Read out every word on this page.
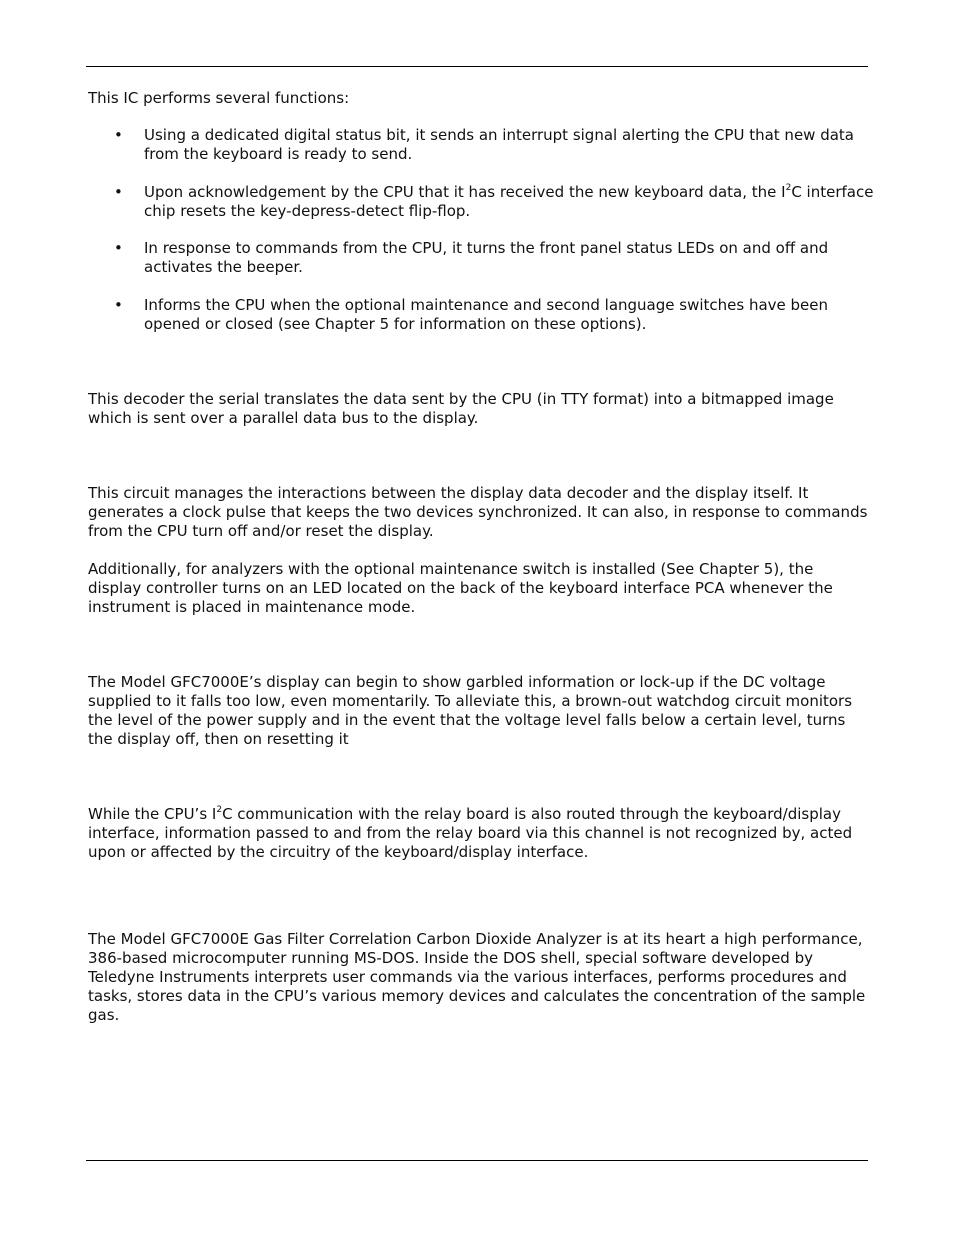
This IC performs several functions:

• Using a dedicated digital status bit, it sends an interrupt signal alerting the CPU that new data from the keyboard is ready to send.

• Upon acknowledgement by the CPU that it has received the new keyboard data, the $I^2C$ interface chip resets the key-depress-detect flip-flop.

• In response to commands from the CPU, it turns the front panel status LEDs on and off and activates the beeper.

• Informs the CPU when the optional maintenance and second language switches have been opened or closed (see Chapter 5 for information on these options).

This decoder the serial translates the data sent by the CPU (in TTY format) into a bitmapped image which is sent over a parallel data bus to the display.

This circuit manages the interactions between the display data decoder and the display itself. It generates a clock pulse that keeps the two devices synchronized. It can also, in response to commands from the CPU turn off and/or reset the display.

Additionally, for analyzers with the optional maintenance switch is installed (See Chapter 5), the display controller turns on an LED located on the back of the keyboard interface PCA whenever the instrument is placed in maintenance mode.

The Model GFC7000E’s display can begin to show garbled information or lock-up if the DC voltage supplied to it falls too low, even momentarily. To alleviate this, a brown-out watchdog circuit monitors the level of the power supply and in the event that the voltage level falls below a certain level, turns the display off, then on resetting it

While the CPU’s $I^2C$ communication with the relay board is also routed through the keyboard/display interface, information passed to and from the relay board via this channel is not recognized by, acted upon or affected by the circuitry of the keyboard/display interface.

The Model GFC7000E Gas Filter Correlation Carbon Dioxide Analyzer is at its heart a high performance, 386-based microcomputer running MS-DOS. Inside the DOS shell, special software developed by Teledyne Instruments interprets user commands via the various interfaces, performs procedures and tasks, stores data in the CPU’s various memory devices and calculates the concentration of the sample gas.
